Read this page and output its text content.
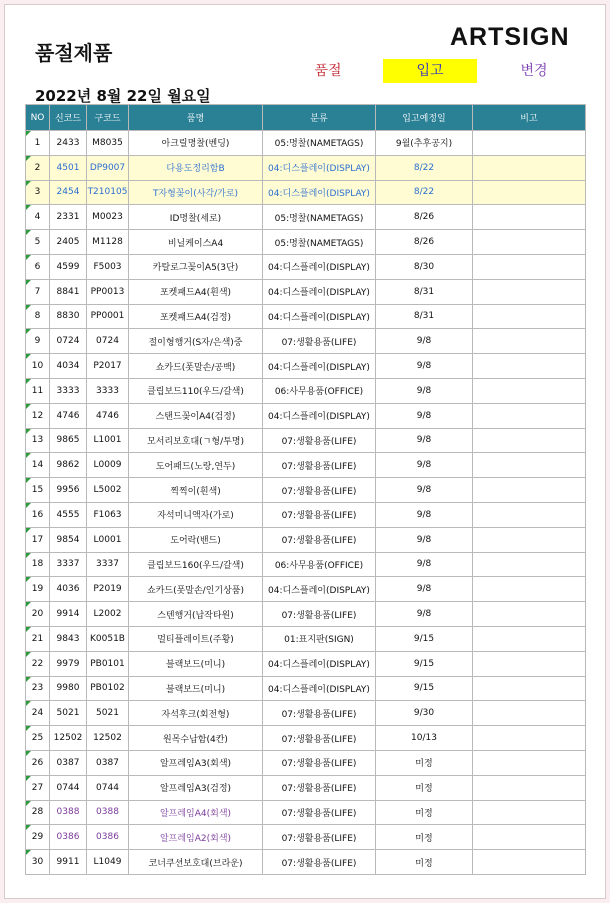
품절제품
ARTSIGN
품절	입고	변경
2022년 8월 22일 월요일
NO	신코드	구코드	품명	분류	입고예정일	비고

1	2433	M8035	아크릴명찰(벤딩)	05:명찰(NAMETAGS)	9월(추후공지)	

2	4501	DP9007	다용도정리함B	04:디스플레이(DISPLAY)	8/22	

3	2454	T210105	T자형꽂이(사각/가로)	04:디스플레이(DISPLAY)	8/22	

4	2331	M0023	ID명찰(세로)	05:명찰(NAMETAGS)	8/26	

5	2405	M1128	비닐케이스A4	05:명찰(NAMETAGS)	8/26	

6	4599	F5003	카탈로그꽂이A5(3단)	04:디스플레이(DISPLAY)	8/30	

7	8841	PP0013	포켓패드A4(흰색)	04:디스플레이(DISPLAY)	8/31	

8	8830	PP0001	포켓패드A4(검정)	04:디스플레이(DISPLAY)	8/31	

9	0724	0724	절이형행거(S자/은색)중	07:생활용품(LIFE)	9/8	

10	4034	P2017	쇼카드(폿말손/공백)	04:디스플레이(DISPLAY)	9/8	

11	3333	3333	클립보드110(우드/갈색)	06:사무용품(OFFICE)	9/8	

12	4746	4746	스탠드꽂이A4(검정)	04:디스플레이(DISPLAY)	9/8	

13	9865	L1001	모서리보호대(ㄱ형/투명)	07:생활용품(LIFE)	9/8	

14	9862	L0009	도어패드(노랑,연두)	07:생활용품(LIFE)	9/8	

15	9956	L5002	찍찍이(흰색)	07:생활용품(LIFE)	9/8	

16	4555	F1063	자석미니액자(가로)	07:생활용품(LIFE)	9/8	

17	9854	L0001	도어락(밴드)	07:생활용품(LIFE)	9/8	

18	3337	3337	클립보드160(우드/갈색)	06:사무용품(OFFICE)	9/8	

19	4036	P2019	쇼카드(폿말손/인기상품)	04:디스플레이(DISPLAY)	9/8	

20	9914	L2002	스텐행거(납작타원)	07:생활용품(LIFE)	9/8	

21	9843	K0051B	멀티플레이트(주황)	01:표지판(SIGN)	9/15	

22	9979	PB0101	블랙보드(미니)	04:디스플레이(DISPLAY)	9/15	

23	9980	PB0102	블랙보드(미니)	04:디스플레이(DISPLAY)	9/15	

24	5021	5021	자석후크(회전형)	07:생활용품(LIFE)	9/30	

25	12502	12502	원목수납함(4칸)	07:생활용품(LIFE)	10/13	

26	0387	0387	알프레임A3(회색)	07:생활용품(LIFE)	미정	

27	0744	0744	알프레임A3(검정)	07:생활용품(LIFE)	미정	

28	0388	0388	알프레임A4(회색)	07:생활용품(LIFE)	미정	

29	0386	0386	알프레임A2(회색)	07:생활용품(LIFE)	미정	

30	9911	L1049	코너쿠션보호대(브라운)	07:생활용품(LIFE)	미정	
